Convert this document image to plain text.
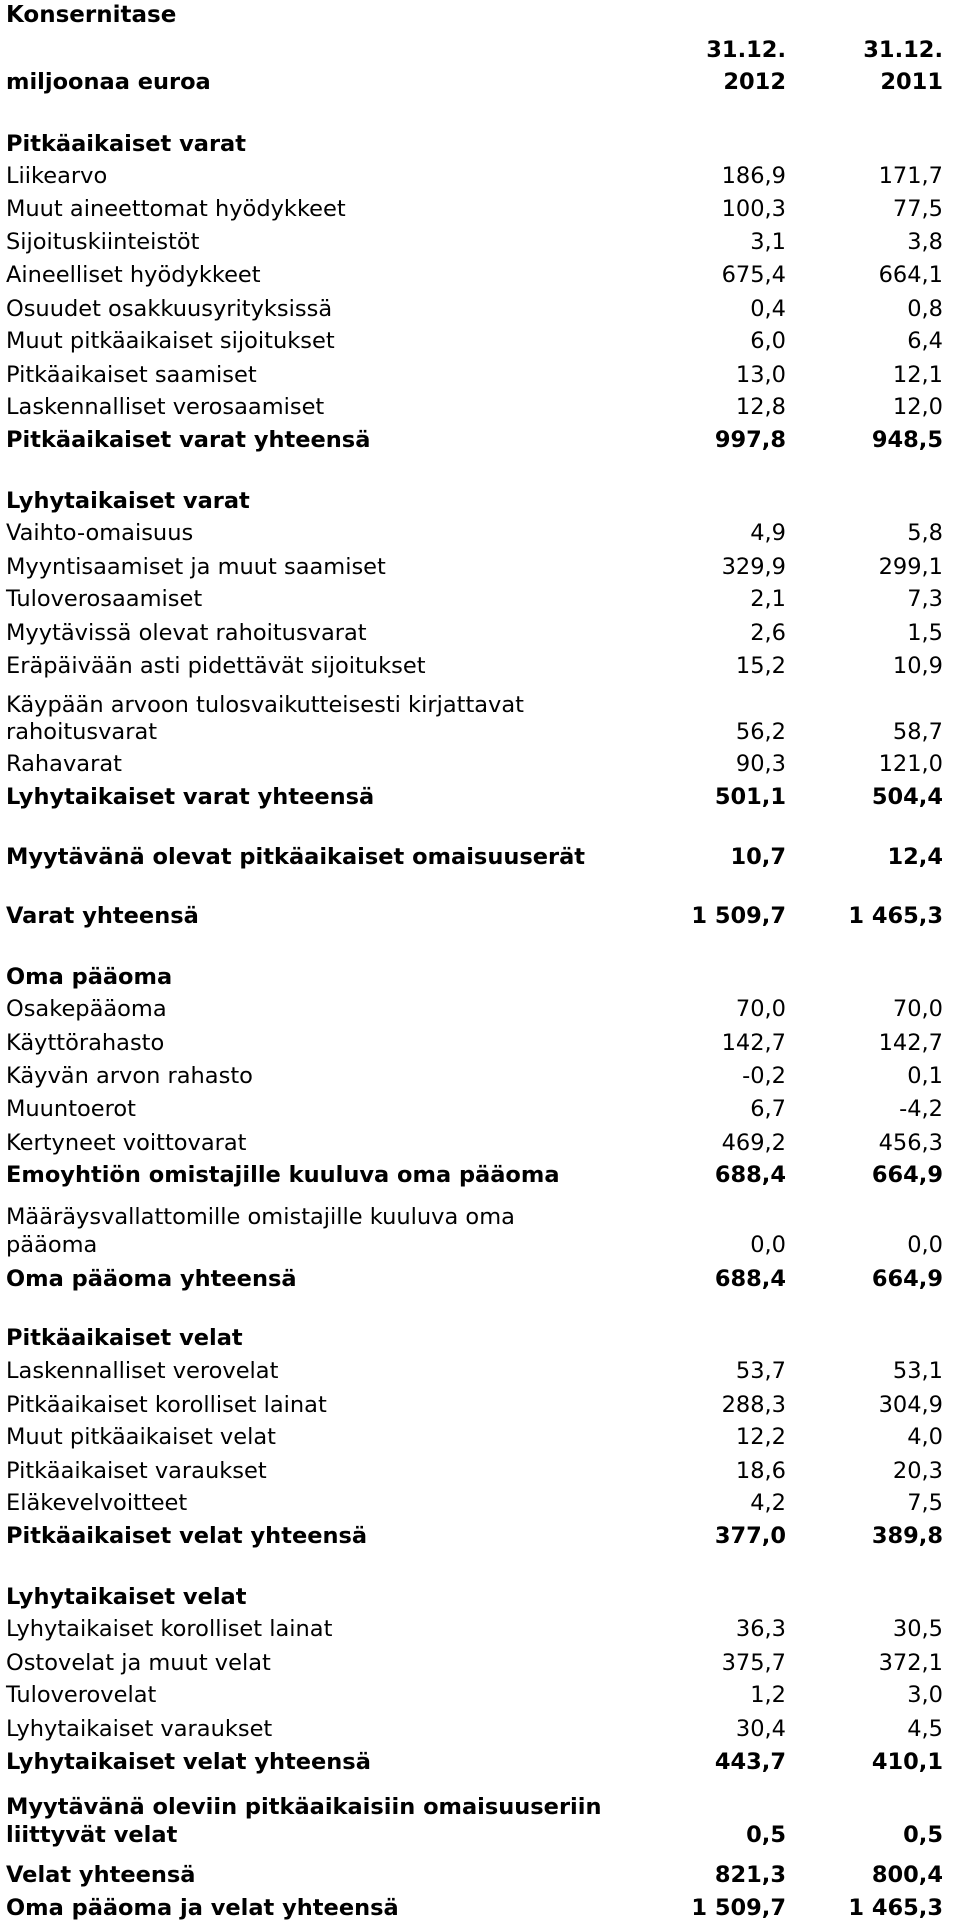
Konsernitase
31.12.	31.12.
miljoonaa euroa	2012	2011
Pitkäaikaiset varat
Liikearvo	186,9	171,7
Muut aineettomat hyödykkeet	100,3	77,5
Sijoituskiinteistöt	3,1	3,8
Aineelliset hyödykkeet	675,4	664,1
Osuudet osakkuusyrityksissä	0,4	0,8
Muut pitkäaikaiset sijoitukset	6,0	6,4
Pitkäaikaiset saamiset	13,0	12,1
Laskennalliset verosaamiset	12,8	12,0
Pitkäaikaiset varat yhteensä	997,8	948,5
Lyhytaikaiset varat
Vaihto-omaisuus	4,9	5,8
Myyntisaamiset ja muut saamiset	329,9	299,1
Tuloverosaamiset	2,1	7,3
Myytävissä olevat rahoitusvarat	2,6	1,5
Eräpäivään asti pidettävät sijoitukset	15,2	10,9
Käypään arvoon tulosvaikutteisesti kirjattavat
rahoitusvarat	56,2	58,7
Rahavarat	90,3	121,0
Lyhytaikaiset varat yhteensä	501,1	504,4
Myytävänä olevat pitkäaikaiset omaisuuserät	10,7	12,4
Varat yhteensä	1 509,7	1 465,3
Oma pääoma
Osakepääoma	70,0	70,0
Käyttörahasto	142,7	142,7
Käyvän arvon rahasto	-0,2	0,1
Muuntoerot	6,7	-4,2
Kertyneet voittovarat	469,2	456,3
Emoyhtiön omistajille kuuluva oma pääoma	688,4	664,9
Määräysvallattomille omistajille kuuluva oma
pääoma	0,0	0,0
Oma pääoma yhteensä	688,4	664,9
Pitkäaikaiset velat
Laskennalliset verovelat	53,7	53,1
Pitkäaikaiset korolliset lainat	288,3	304,9
Muut pitkäaikaiset velat	12,2	4,0
Pitkäaikaiset varaukset	18,6	20,3
Eläkevelvoitteet	4,2	7,5
Pitkäaikaiset velat yhteensä	377,0	389,8
Lyhytaikaiset velat
Lyhytaikaiset korolliset lainat	36,3	30,5
Ostovelat ja muut velat	375,7	372,1
Tuloverovelat	1,2	3,0
Lyhytaikaiset varaukset	30,4	4,5
Lyhytaikaiset velat yhteensä	443,7	410,1
Myytävänä oleviin pitkäaikaisiin omaisuuseriin
liittyvät velat	0,5	0,5
Velat yhteensä	821,3	800,4
Oma pääoma ja velat yhteensä	1 509,7	1 465,3
